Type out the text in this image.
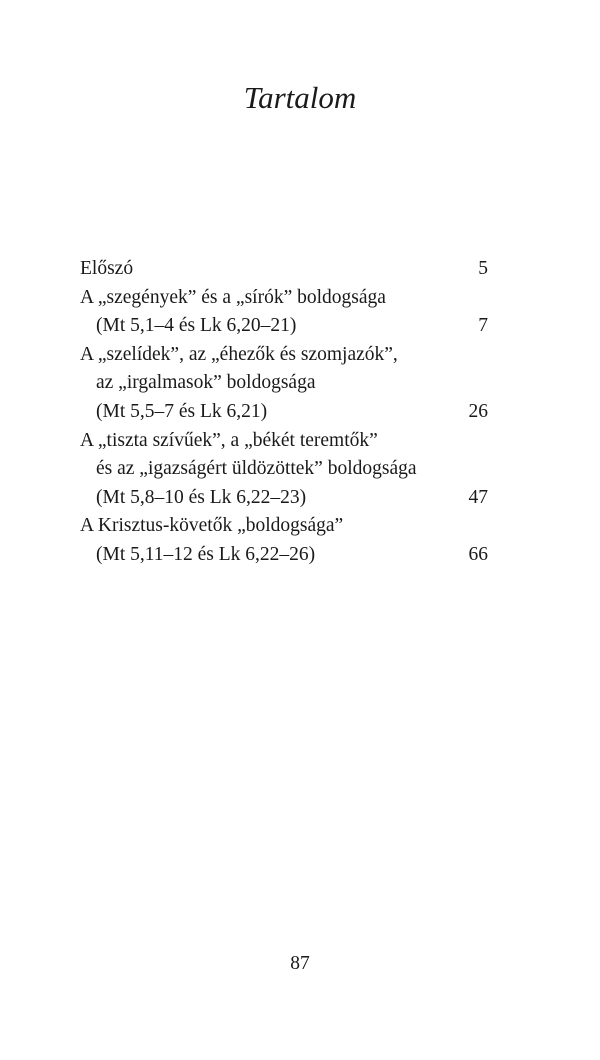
Tartalom
Előszó	5
A „szegények” és a „sírók” boldogsága
(Mt 5,1–4 és Lk 6,20–21)	7
A „szelídek”, az „éhezők és szomjazók”,
az „irgalmasok” boldogsága
(Mt 5,5–7 és Lk 6,21)	26
A „tiszta szívűek”, a „békét teremtők”
és az „igazságért üldözöttek” boldogsága
(Mt 5,8–10 és Lk 6,22–23)	47
A Krisztus-követők „boldogsága”
(Mt 5,11–12 és Lk 6,22–26)	66
87
